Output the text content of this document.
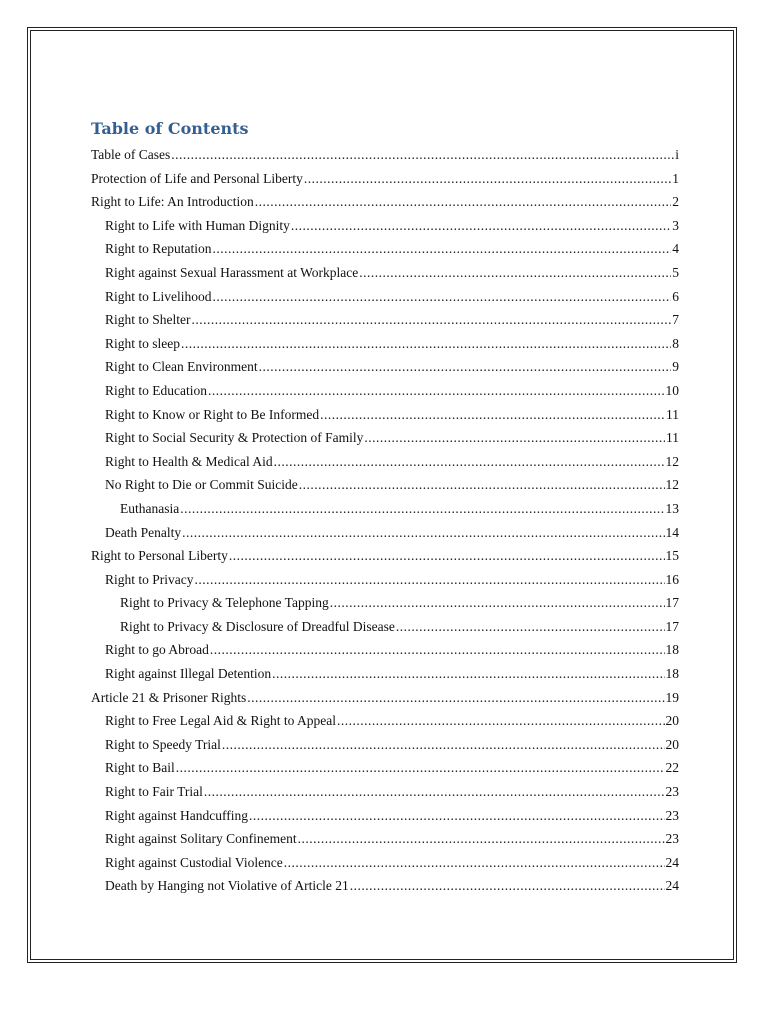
Table of Contents
Table of Cases .....	i
Protection of Life and Personal Liberty .....	1
Right to Life: An Introduction .....	2
Right to Life with Human Dignity .....	3
Right to Reputation .....	4
Right against Sexual Harassment at Workplace .....	5
Right to Livelihood .....	6
Right to Shelter .....	7
Right to sleep .....	8
Right to Clean Environment .....	9
Right to Education .....	10
Right to Know or Right to Be Informed .....	11
Right to Social Security & Protection of Family .....	11
Right to Health & Medical Aid .....	12
No Right to Die or Commit Suicide .....	12
Euthanasia .....	13
Death Penalty .....	14
Right to Personal Liberty .....	15
Right to Privacy .....	16
Right to Privacy & Telephone Tapping .....	17
Right to Privacy & Disclosure of Dreadful Disease .....	17
Right to go Abroad .....	18
Right against Illegal Detention .....	18
Article 21 & Prisoner Rights .....	19
Right to Free Legal Aid & Right to Appeal .....	20
Right to Speedy Trial .....	20
Right to Bail .....	22
Right to Fair Trial .....	23
Right against Handcuffing .....	23
Right against Solitary Confinement .....	23
Right against Custodial Violence .....	24
Death by Hanging not Violative of Article 21 .....	24
